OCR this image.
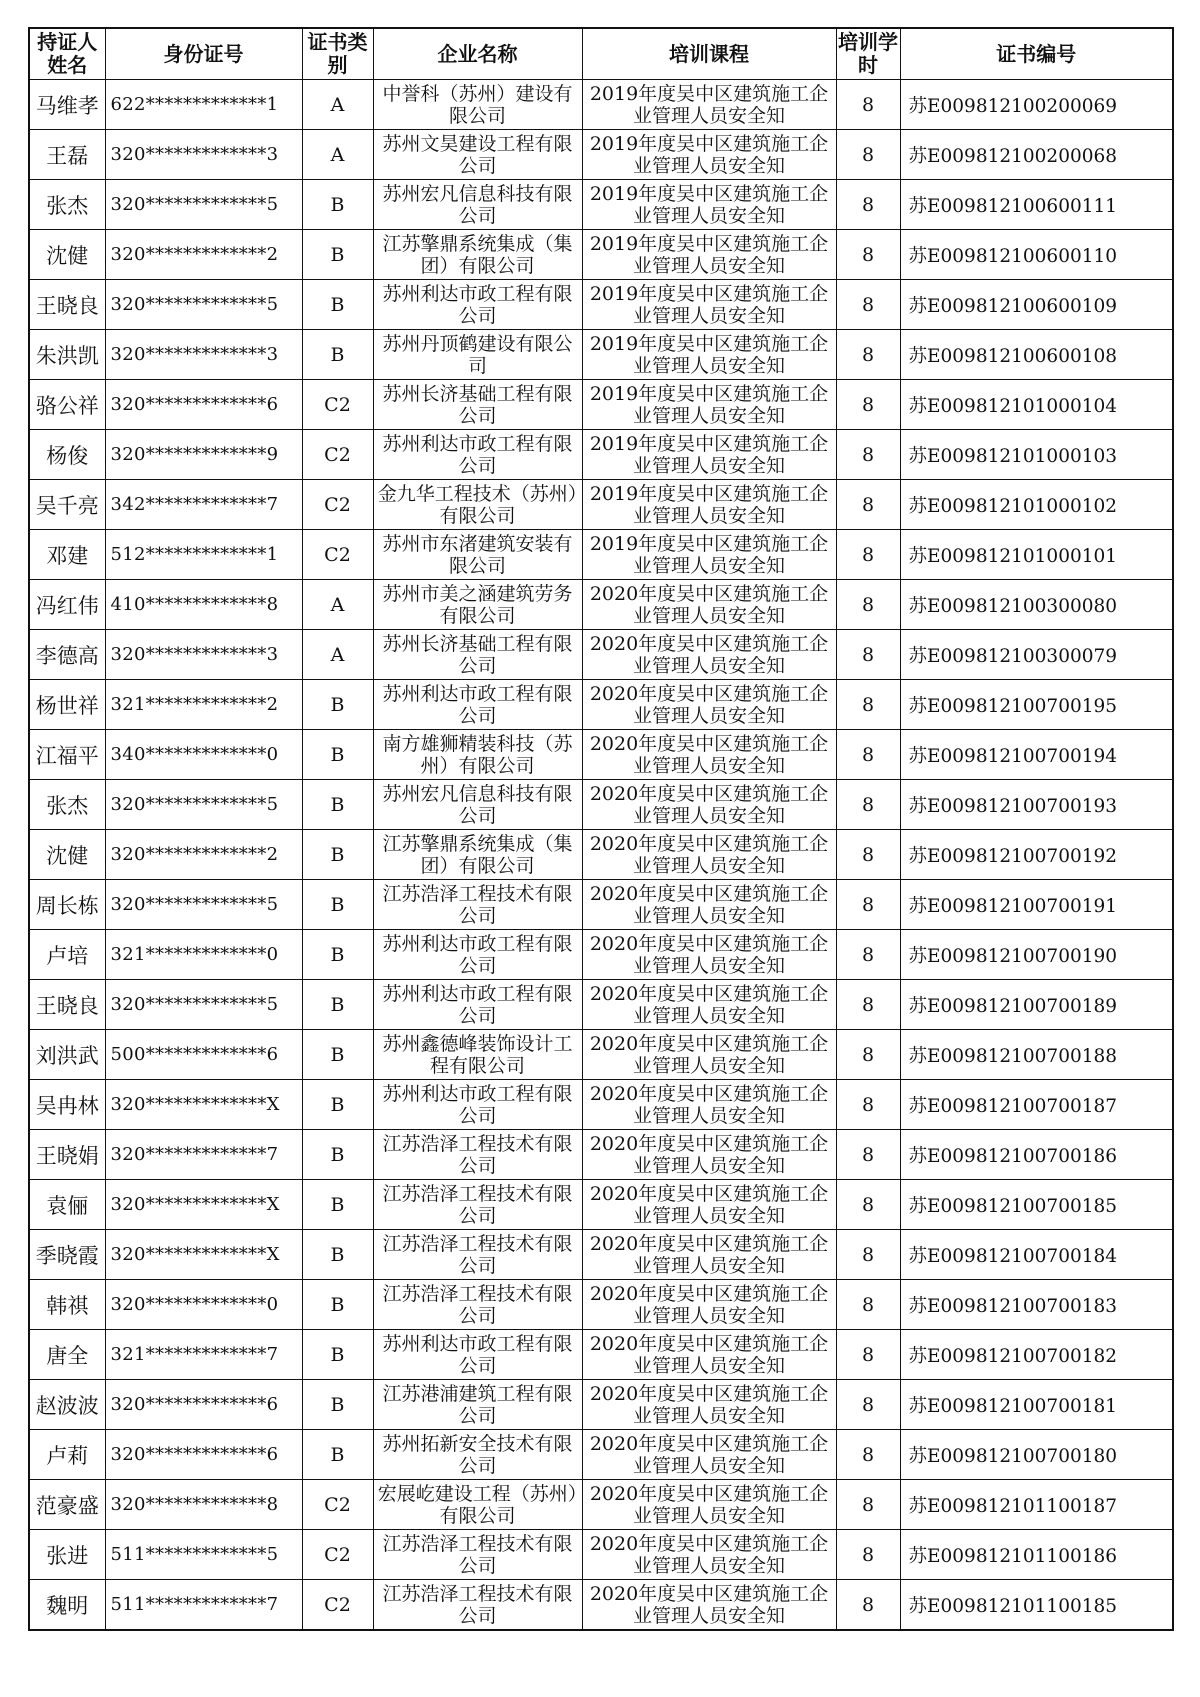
持证人姓名	身份证号	证书类别	企业名称	培训课程	培训学时	证书编号
马维孝	622*************1	A	中誉科（苏州）建设有限公司	2019年度吴中区建筑施工企业管理人员安全知	8	苏E009812100200069
王磊	320*************3	A	苏州文昊建设工程有限公司	2019年度吴中区建筑施工企业管理人员安全知	8	苏E009812100200068
张杰	320*************5	B	苏州宏凡信息科技有限公司	2019年度吴中区建筑施工企业管理人员安全知	8	苏E009812100600111
沈健	320*************2	B	江苏擎鼎系统集成（集团）有限公司	2019年度吴中区建筑施工企业管理人员安全知	8	苏E009812100600110
王晓良	320*************5	B	苏州利达市政工程有限公司	2019年度吴中区建筑施工企业管理人员安全知	8	苏E009812100600109
朱洪凯	320*************3	B	苏州丹顶鹤建设有限公司	2019年度吴中区建筑施工企业管理人员安全知	8	苏E009812100600108
骆公祥	320*************6	C2	苏州长济基础工程有限公司	2019年度吴中区建筑施工企业管理人员安全知	8	苏E009812101000104
杨俊	320*************9	C2	苏州利达市政工程有限公司	2019年度吴中区建筑施工企业管理人员安全知	8	苏E009812101000103
吴千亮	342*************7	C2	金九华工程技术（苏州）有限公司	2019年度吴中区建筑施工企业管理人员安全知	8	苏E009812101000102
邓建	512*************1	C2	苏州市东渚建筑安装有限公司	2019年度吴中区建筑施工企业管理人员安全知	8	苏E009812101000101
冯红伟	410*************8	A	苏州市美之涵建筑劳务有限公司	2020年度吴中区建筑施工企业管理人员安全知	8	苏E009812100300080
李德高	320*************3	A	苏州长济基础工程有限公司	2020年度吴中区建筑施工企业管理人员安全知	8	苏E009812100300079
杨世祥	321*************2	B	苏州利达市政工程有限公司	2020年度吴中区建筑施工企业管理人员安全知	8	苏E009812100700195
江福平	340*************0	B	南方雄狮精装科技（苏州）有限公司	2020年度吴中区建筑施工企业管理人员安全知	8	苏E009812100700194
张杰	320*************5	B	苏州宏凡信息科技有限公司	2020年度吴中区建筑施工企业管理人员安全知	8	苏E009812100700193
沈健	320*************2	B	江苏擎鼎系统集成（集团）有限公司	2020年度吴中区建筑施工企业管理人员安全知	8	苏E009812100700192
周长栋	320*************5	B	江苏浩泽工程技术有限公司	2020年度吴中区建筑施工企业管理人员安全知	8	苏E009812100700191
卢培	321*************0	B	苏州利达市政工程有限公司	2020年度吴中区建筑施工企业管理人员安全知	8	苏E009812100700190
王晓良	320*************5	B	苏州利达市政工程有限公司	2020年度吴中区建筑施工企业管理人员安全知	8	苏E009812100700189
刘洪武	500*************6	B	苏州鑫德峰装饰设计工程有限公司	2020年度吴中区建筑施工企业管理人员安全知	8	苏E009812100700188
吴冉林	320*************X	B	苏州利达市政工程有限公司	2020年度吴中区建筑施工企业管理人员安全知	8	苏E009812100700187
王晓娟	320*************7	B	江苏浩泽工程技术有限公司	2020年度吴中区建筑施工企业管理人员安全知	8	苏E009812100700186
袁俪	320*************X	B	江苏浩泽工程技术有限公司	2020年度吴中区建筑施工企业管理人员安全知	8	苏E009812100700185
季晓霞	320*************X	B	江苏浩泽工程技术有限公司	2020年度吴中区建筑施工企业管理人员安全知	8	苏E009812100700184
韩祺	320*************0	B	江苏浩泽工程技术有限公司	2020年度吴中区建筑施工企业管理人员安全知	8	苏E009812100700183
唐全	321*************7	B	苏州利达市政工程有限公司	2020年度吴中区建筑施工企业管理人员安全知	8	苏E009812100700182
赵波波	320*************6	B	江苏港浦建筑工程有限公司	2020年度吴中区建筑施工企业管理人员安全知	8	苏E009812100700181
卢莉	320*************6	B	苏州拓新安全技术有限公司	2020年度吴中区建筑施工企业管理人员安全知	8	苏E009812100700180
范豪盛	320*************8	C2	宏展屹建设工程（苏州）有限公司	2020年度吴中区建筑施工企业管理人员安全知	8	苏E009812101100187
张进	511*************5	C2	江苏浩泽工程技术有限公司	2020年度吴中区建筑施工企业管理人员安全知	8	苏E009812101100186
魏明	511*************7	C2	江苏浩泽工程技术有限公司	2020年度吴中区建筑施工企业管理人员安全知	8	苏E009812101100185
